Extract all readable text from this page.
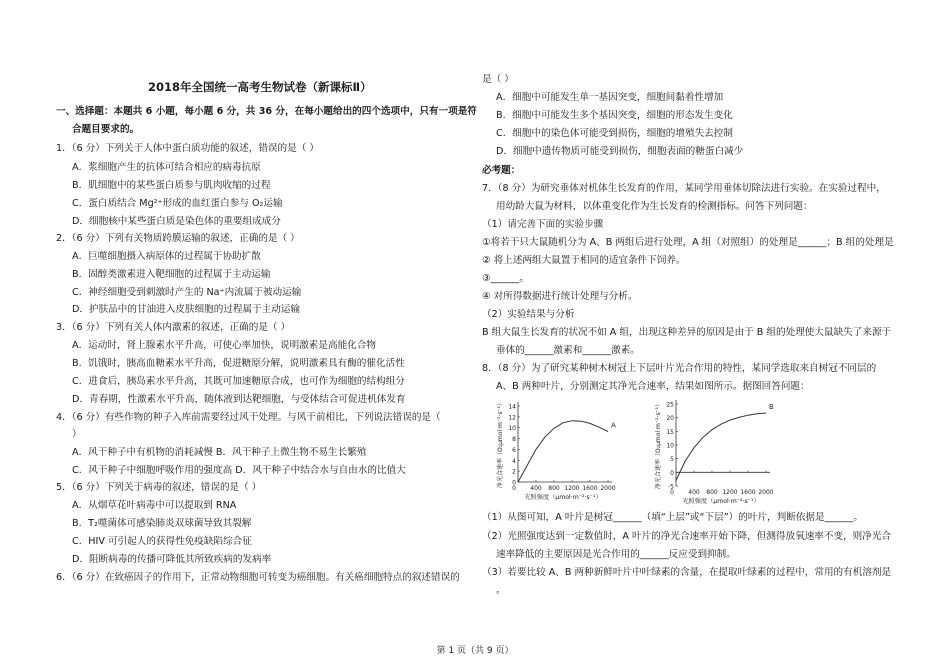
2018年全国统一高考生物试卷（新课标Ⅱ）
一、选择题：本题共 6 小题，每小题 6 分，共 36 分，在每小题给出的四个选项中，只有一项是符
合题目要求的。
1．（6 分）下列关于人体中蛋白质功能的叙述，错误的是（ ）
A．浆细胞产生的抗体可结合相应的病毒抗原
B．肌细胞中的某些蛋白质参与肌肉收缩的过程
C．蛋白质结合 Mg²⁺形成的血红蛋白参与 O₂运输
D．细胞核中某些蛋白质是染色体的重要组成成分
2．（6 分）下列有关物质跨膜运输的叙述，正确的是（ ）
A．巨噬细胞摄入病原体的过程属于协助扩散
B．固醇类激素进入靶细胞的过程属于主动运输
C．神经细胞受到刺激时产生的 Na⁺内流属于被动运输
D．护肤品中的甘油进入皮肤细胞的过程属于主动运输
3．（6 分）下列有关人体内激素的叙述，正确的是（ ）
A．运动时，肾上腺素水平升高，可使心率加快，说明激素是高能化合物
B．饥饿时，胰高血糖素水平升高，促进糖原分解，说明激素具有酶的催化活性
C．进食后，胰岛素水平升高，其既可加速糖原合成，也可作为细胞的结构组分
D．青春期，性激素水平升高，随体液到达靶细胞，与受体结合可促进机体发育
4．（6 分）有些作物的种子入库前需要经过风干处理。与风干前相比，下列说法错误的是（
）
A．风干种子中有机物的消耗减慢 B．风干种子上微生物不易生长繁殖
C．风干种子中细胞呼吸作用的强度高 D．风干种子中结合水与自由水的比值大
5．（6 分）下列关于病毒的叙述，错误的是（ ）
A．从烟草花叶病毒中可以提取到 RNA
B．T₂噬菌体可感染肺炎双球菌导致其裂解
C．HIV 可引起人的获得性免疫缺陷综合征
D．阻断病毒的传播可降低其所致疾病的发病率
6．（6 分）在致癌因子的作用下，正常动物细胞可转变为癌细胞。有关癌细胞特点的叙述错误的
是（ ）
A．细胞中可能发生单一基因突变，细胞间黏着性增加
B．细胞中可能发生多个基因突变，细胞的形态发生变化
C．细胞中的染色体可能受到损伤，细胞的增殖失去控制
D．细胞中遗传物质可能受到损伤，细胞表面的糖蛋白减少
必考题：
7．（8 分）为研究垂体对机体生长发育的作用，某同学用垂体切除法进行实验。在实验过程中，
用幼龄大鼠为材料，以体重变化作为生长发育的检测指标。问答下列问题：
（1）请完善下面的实验步骤
①将若干只大鼠随机分为 A、B 两组后进行处理，A 组（对照组）的处理是______；B 组的处理是
② 将上述两组大鼠置于相同的适宜条件下饲养。
③______。
④ 对所得数据进行统计处理与分析。
（2）实验结果与分析
B 组大鼠生长发育的状况不如 A 组，出现这种差异的原因是由于 B 组的处理使大鼠缺失了来源于
垂体的______激素和______激素。
8．（8 分）为了研究某种树木树冠上下层叶片光合作用的特性，某同学选取来自树冠不同层的
A、B 两种叶片，分别测定其净光合速率，结果如图所示。据图回答问题：
0
2
4
6
8
10
12
14
400 800 1200 1600 2000
A
光照强度（μmol·m⁻²·s⁻¹）
净光合速率（O₂μmol·m⁻²·s⁻¹）
0	-5
0
5
10
15
20
25
400 800 1200 1600 2000
B
光照强度（μmol·m⁻²·s⁻¹）
净光合速率（O₂μmol·m⁻²·s⁻¹）
0
（1）从图可知，A 叶片是树冠______（填“上层”或“下层”）的叶片，判断依据是______。
（2）光照强度达到一定数值时，A 叶片的净光合速率开始下降，但测得放氧速率不变，则净光合
速率降低的主要原因是光合作用的______反应受到抑制。
（3）若要比较 A、B 两种新鲜叶片中叶绿素的含量，在提取叶绿素的过程中，常用的有机溶剂是
。
第 1 页（共 9 页）
